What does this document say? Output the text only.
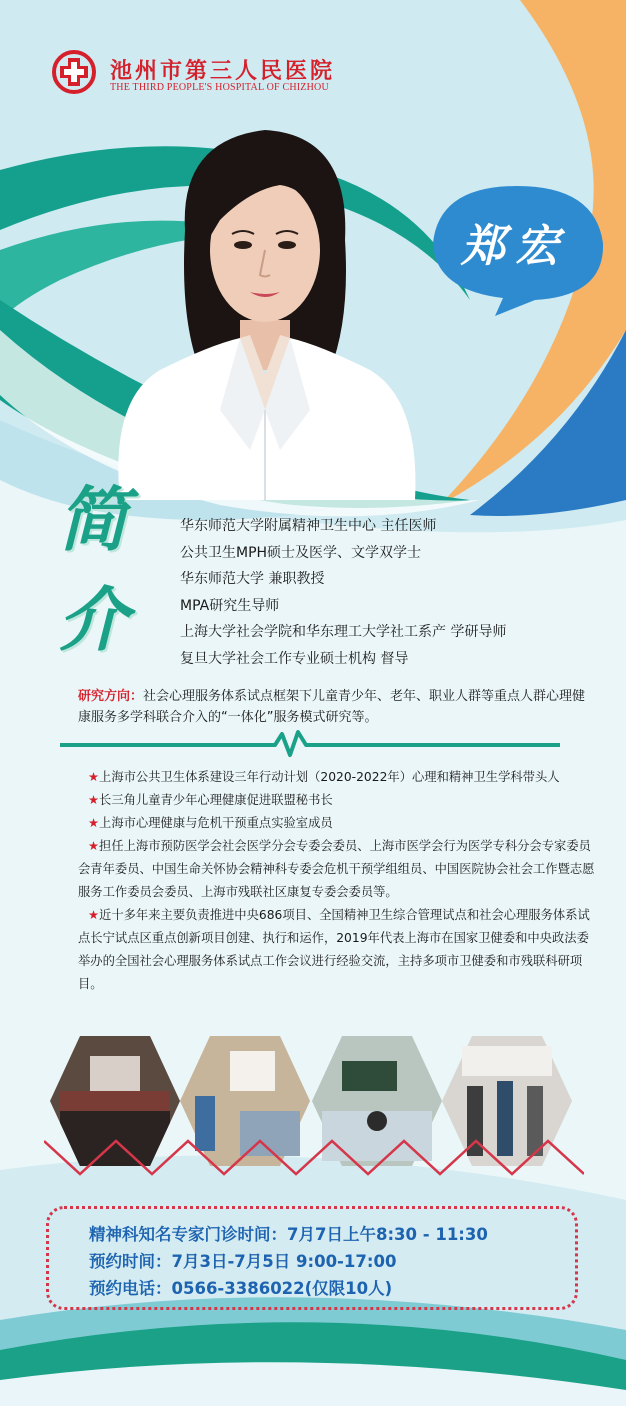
池州市第三人民医院
THE THIRD PEOPLE'S HOSPITAL OF CHIZHOU
郑宏
简介
华东师范大学附属精神卫生中心 主任医师
公共卫生MPH硕士及医学、文学双学士
华东师范大学 兼职教授
MPA研究生导师
上海大学社会学院和华东理工大学社工系产 学研导师
复旦大学社会工作专业硕士机构 督导
研究方向：社会心理服务体系试点框架下儿童青少年、老年、职业人群等重点人群心理健康服务多学科联合介入的“一体化”服务模式研究等。

★上海市公共卫生体系建设三年行动计划（2020-2022年）心理和精神卫生学科带头人

★长三角儿童青少年心理健康促进联盟秘书长

★上海市心理健康与危机干预重点实验室成员

★担任上海市预防医学会社会医学分会专委会委员、上海市医学会行为医学专科分会专家委员会青年委员、中国生命关怀协会精神科专委会危机干预学组组员、中国医院协会社会工作暨志愿服务工作委员会委员、上海市残联社区康复专委会委员等。

★近十多年来主要负责推进中央686项目、全国精神卫生综合管理试点和社会心理服务体系试点长宁试点区重点创新项目创建、执行和运作，2019年代表上海市在国家卫健委和中央政法委举办的全国社会心理服务体系试点工作会议进行经验交流，主持多项市卫健委和市残联科研项目。

精神科知名专家门诊时间：7月7日上午8:30 - 11:30
预约时间：7月3日-7月5日 9:00-17:00
预约电话：0566-3386022(仅限10人)
